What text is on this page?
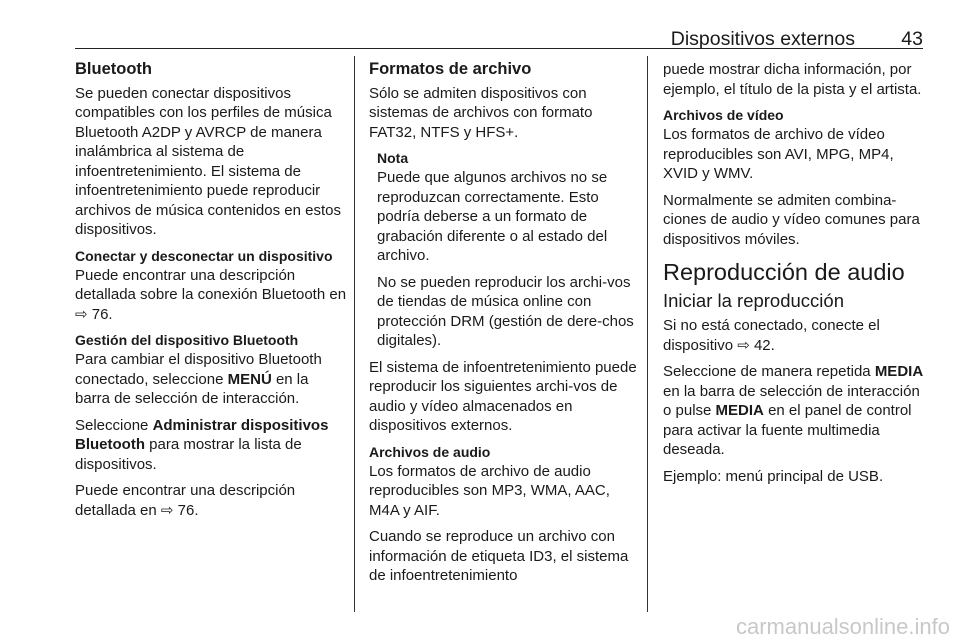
Dispositivos externos 43
Bluetooth

Se pueden conectar dispositivos compatibles con los perfiles de música Bluetooth A2DP y AVRCP de manera inalámbrica al sistema de infoentretenimiento. El sistema de infoentretenimiento puede reproducir archivos de música contenidos en estos dispositivos.

Conectar y desconectar un dispositivo

Puede encontrar una descripción detallada sobre la conexión Bluetooth en ⇨ 76.

Gestión del dispositivo Bluetooth

Para cambiar el dispositivo Bluetooth conectado, seleccione MENÚ en la barra de selección de interacción.

Seleccione Administrar dispositivos Bluetooth para mostrar la lista de dispositivos.

Puede encontrar una descripción detallada en ⇨ 76.

Formatos de archivo

Sólo se admiten dispositivos con sistemas de archivos con formato FAT32, NTFS y HFS+.

Nota

Puede que algunos archivos no se reproduzcan correctamente. Esto podría deberse a un formato de grabación diferente o al estado del archivo.

No se pueden reproducir los archi-vos de tiendas de música online con protección DRM (gestión de dere-chos digitales).

El sistema de infoentretenimiento puede reproducir los siguientes archi-vos de audio y vídeo almacenados en dispositivos externos.

Archivos de audio

Los formatos de archivo de audio reproducibles son MP3, WMA, AAC, M4A y AIF.

Cuando se reproduce un archivo con información de etiqueta ID3, el sistema de infoentretenimiento

puede mostrar dicha información, por ejemplo, el título de la pista y el artista.

Archivos de vídeo

Los formatos de archivo de vídeo reproducibles son AVI, MPG, MP4, XVID y WMV.

Normalmente se admiten combina-ciones de audio y vídeo comunes para dispositivos móviles.

Reproducción de audio
Iniciar la reproducción

Si no está conectado, conecte el dispositivo ⇨ 42.

Seleccione de manera repetida MEDIA en la barra de selección de interacción o pulse MEDIA en el panel de control para activar la fuente multimedia deseada.

Ejemplo: menú principal de USB.

carmanualsonline.info
